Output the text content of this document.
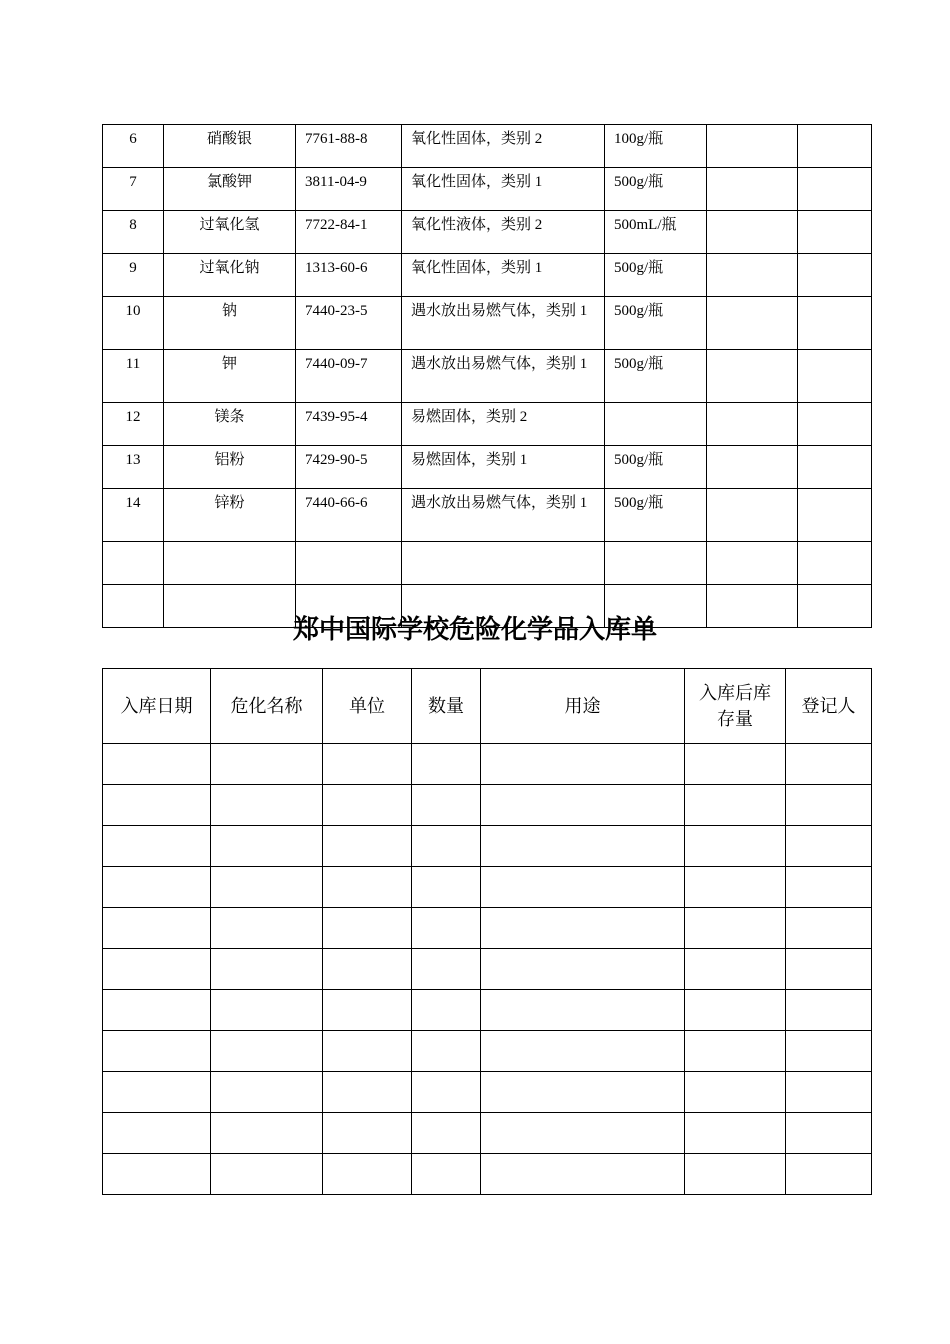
6	硝酸银	7761-88-8	氧化性固体，类别 2	100g/瓶		
7	氯酸钾	3811-04-9	氧化性固体，类别 1	500g/瓶		
8	过氧化氢	7722-84-1	氧化性液体，类别 2	500mL/瓶		
9	过氧化钠	1313-60-6	氧化性固体，类别 1	500g/瓶		
10	钠	7440-23-5	遇水放出易燃气体，类别 1	500g/瓶		
11	钾	7440-09-7	遇水放出易燃气体，类别 1	500g/瓶		
12	镁条	7439-95-4	易燃固体，类别 2			
13	铝粉	7429-90-5	易燃固体，类别 1	500g/瓶		
14	锌粉	7440-66-6	遇水放出易燃气体，类别 1	500g/瓶		

郑中国际学校危险化学品入库单
入库日期	危化名称	单位	数量	用途	入库后库存量	登记人
